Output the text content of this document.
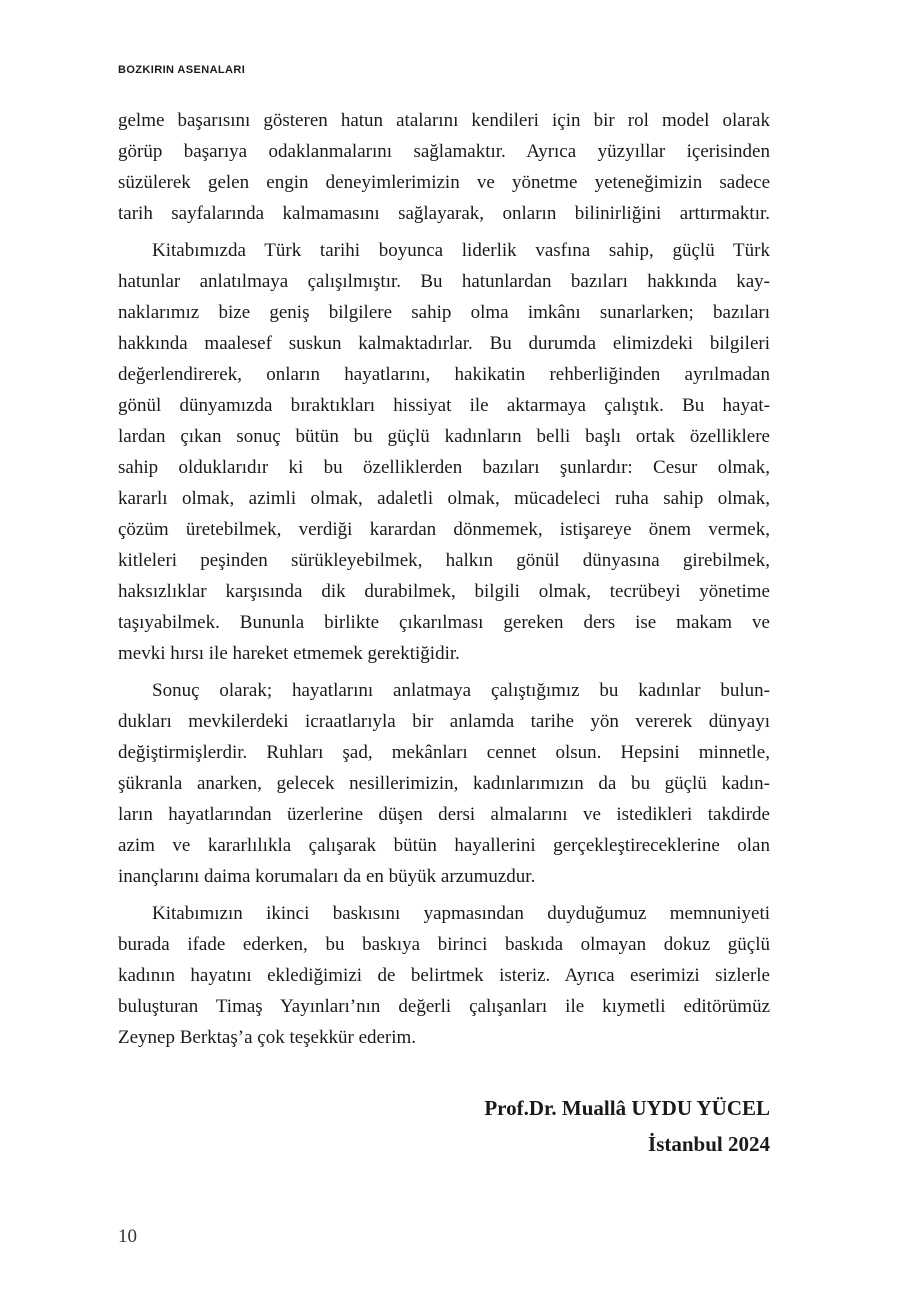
BOZKIRIN ASENALARI

gelme başarısını gösteren hatun atalarını kendileri için bir rol model olarak
görüp başarıya odaklanmalarını sağlamaktır. Ayrıca yüzyıllar içerisinden
süzülerek gelen engin deneyimlerimizin ve yönetme yeteneğimizin sadece
tarih sayfalarında kalmamasını sağlayarak, onların bilinirliğini arttırmaktır.

Kitabımızda Türk tarihi boyunca liderlik vasfına sahip, güçlü Türk
hatunlar anlatılmaya çalışılmıştır. Bu hatunlardan bazıları hakkında kay-
naklarımız bize geniş bilgilere sahip olma imkânı sunarlarken; bazıları
hakkında maalesef suskun kalmaktadırlar. Bu durumda elimizdeki bilgileri
değerlendirerek, onların hayatlarını, hakikatin rehberliğinden ayrılmadan
gönül dünyamızda bıraktıkları hissiyat ile aktarmaya çalıştık. Bu hayat-
lardan çıkan sonuç bütün bu güçlü kadınların belli başlı ortak özelliklere
sahip olduklarıdır ki bu özelliklerden bazıları şunlardır: Cesur olmak,
kararlı olmak, azimli olmak, adaletli olmak, mücadeleci ruha sahip olmak,
çözüm üretebilmek, verdiği karardan dönmemek, istişareye önem vermek,
kitleleri peşinden sürükleyebilmek, halkın gönül dünyasına girebilmek,
haksızlıklar karşısında dik durabilmek, bilgili olmak, tecrübeyi yönetime
taşıyabilmek. Bununla birlikte çıkarılması gereken ders ise makam ve
mevki hırsı ile hareket etmemek gerektiğidir.

Sonuç olarak; hayatlarını anlatmaya çalıştığımız bu kadınlar bulun-
dukları mevkilerdeki icraatlarıyla bir anlamda tarihe yön vererek dünyayı
değiştirmişlerdir. Ruhları şad, mekânları cennet olsun. Hepsini minnetle,
şükranla anarken, gelecek nesillerimizin, kadınlarımızın da bu güçlü kadın-
ların hayatlarından üzerlerine düşen dersi almalarını ve istedikleri takdirde
azim ve kararlılıkla çalışarak bütün hayallerini gerçekleştireceklerine olan
inançlarını daima korumaları da en büyük arzumuzdur.

Kitabımızın ikinci baskısını yapmasından duyduğumuz memnuniyeti
burada ifade ederken, bu baskıya birinci baskıda olmayan dokuz güçlü
kadının hayatını eklediğimizi de belirtmek isteriz. Ayrıca eserimizi sizlerle
buluşturan Timaş Yayınları’nın değerli çalışanları ile kıymetli editörümüz
Zeynep Berktaş’a çok teşekkür ederim.

Prof.Dr. Muallâ UYDU YÜCEL
İstanbul 2024
10
